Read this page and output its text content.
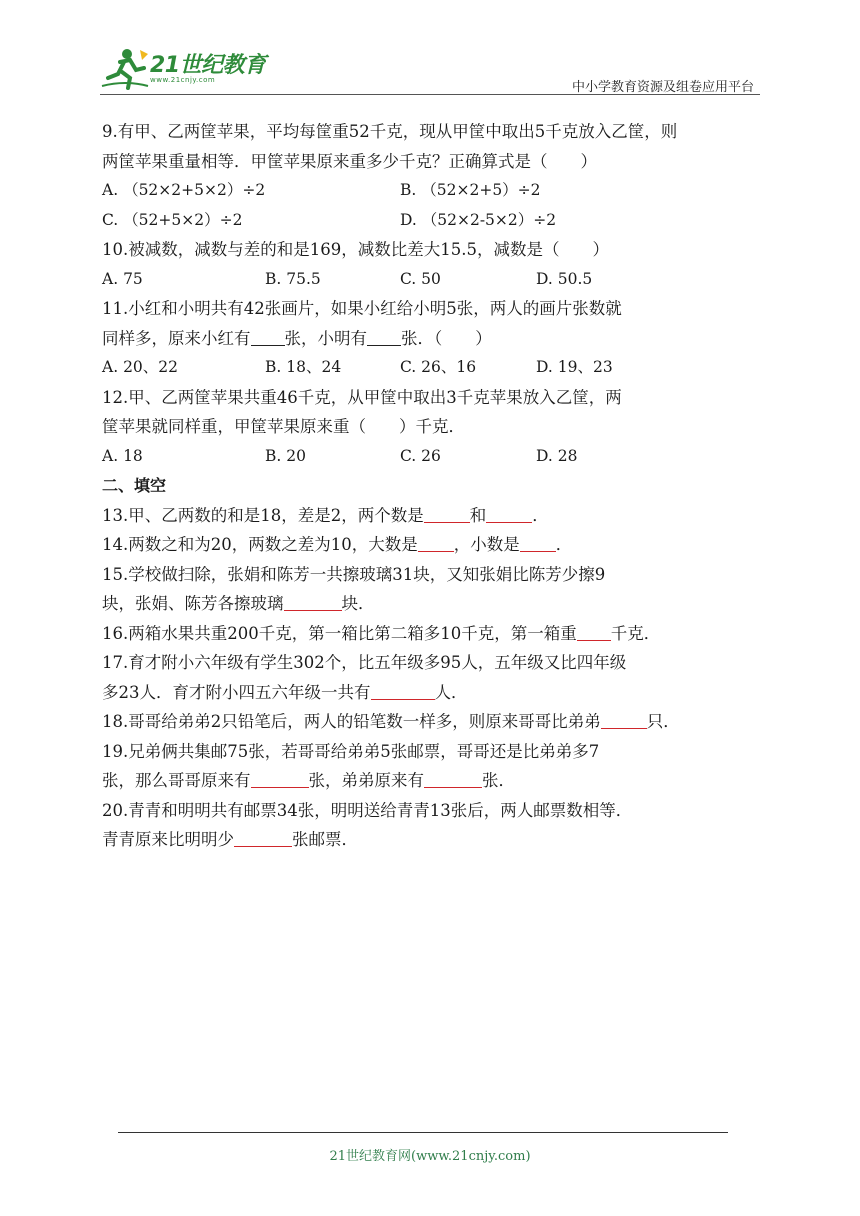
21世纪教育
www.21cnjy.com	中小学教育资源及组卷应用平台

9.有甲、乙两筐苹果，平均每筐重52千克，现从甲筐中取出5千克放入乙筐，则

两筐苹果重量相等．甲筐苹果原来重多少千克？正确算式是（　　）

A. （52×2+5×2）÷2	B. （52×2+5）÷2
C. （52+5×2）÷2	D. （52×2-5×2）÷2

10.被减数，减数与差的和是169，减数比差大15.5，减数是（　　）

A. 75	B. 75.5	C. 50	D. 50.5

11.小红和小明共有42张画片，如果小红给小明5张，两人的画片张数就

同样多，原来小红有 张，小明有 张．（　　）

A. 20、22	B. 18、24	C. 26、16	D. 19、23

12.甲、乙两筐苹果共重46千克，从甲筐中取出3千克苹果放入乙筐，两

筐苹果就同样重，甲筐苹果原来重（　　）千克．

A. 18	B. 20	C. 26	D. 28

二、填空

13.甲、乙两数的和是18，差是2，两个数是	和	．

14.两数之和为20，两数之差为10，大数是 ，小数是 ．

15.学校做扫除，张娟和陈芳一共擦玻璃31块，又知张娟比陈芳少擦9

块，张娟、陈芳各擦玻璃	块．

16.两箱水果共重200千克，第一箱比第二箱多10千克，第一箱重 千克．

17.育才附小六年级有学生302个，比五年级多95人，五年级又比四年级

多23人．育才附小四五六年级一共有	人．

18.哥哥给弟弟2只铅笔后，两人的铅笔数一样多，则原来哥哥比弟弟	只．

19.兄弟俩共集邮75张，若哥哥给弟弟5张邮票，哥哥还是比弟弟多7

张，那么哥哥原来有	张，弟弟原来有	张．

20.青青和明明共有邮票34张，明明送给青青13张后，两人邮票数相等．

青青原来比明明少	张邮票．

21世纪教育网(www.21cnjy.com)
